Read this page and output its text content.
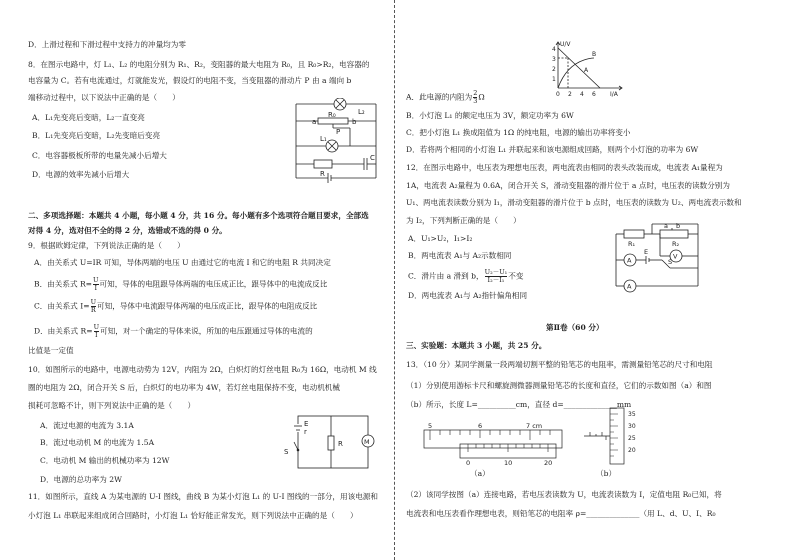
D．上滑过程和下滑过程中支持力的冲量均为零
8．在图示电路中，灯 L₁、L₂ 的电阻分别为 R₁、R₂，变阻器的最大电阻为 R₀，且 R₀>R₂，电容器的
电容量为 C。若有电流通过，灯就能发光，假设灯的电阻不变，当变阻器的滑动片 P 由 a 端向 b
端移动过程中，以下说法中正确的是（　　）
A．L₁先变亮后变暗，L₂一直变亮
B．L₁先变亮后变暗，L₂先变暗后变亮
C．电容器极板所带的电量先减小后增大
D．电源的效率先减小后增大
R₀
a	b
P
L₁
L₂
R
C
二、多项选择题：本题共 4 小题，每小题 4 分，共 16 分。每小题有多个选项符合题目要求，全部选
对得 4 分，选对但不全的得 2 分，选错或不选的得 0 分。
9．根据欧姆定律，下列说法正确的是（　　）
A．由关系式 U=IR 可知，导体两端的电压 U 由通过它的电流 I 和它的电阻 R 共同决定
B．由关系式 $R= \frac{U}{I}$ 可知，导体的电阻跟导体两端的电压成正比，跟导体中的电流成反比
C．由关系式 $I= \frac{U}{R}$ 可知，导体中电流跟导体两端的电压成正比，跟导体的电阻成反比
D．由关系式 $R= \frac{U}{I}$ 可知，对一个确定的导体来说，所加的电压跟通过导体的电流的
比值是一定值
10．如图所示的电路中，电源电动势为 12V，内阻为 2Ω，白炽灯的灯丝电阻 R₀为 16Ω，电动机 M 线
圈的电阻为 2Ω，闭合开关 S 后，白炽灯的电功率为 4W，若灯丝电阻保持不变，电动机机械
损耗可忽略不计，则下列说法中正确的是（　　）
A．流过电源的电流为 3.1A
B．流过电动机 M 的电流为 1.5A
C．电动机 M 输出的机械功率为 12W
D．电源的总功率为 2W
E
r
S
R	M
11．如图所示，直线 A 为某电源的 U-I 图线，曲线 B 为某小灯泡 L₁ 的 U-I 图线的一部分，用该电源和
小灯泡 L₁ 串联起来组成闭合回路时，小灯泡 L₁ 恰好能正常发光，则下列说法中正确的是（　　）
U/V
I/A
4
3
2
1
0 2 4 6
A
B
A．此电源的内阻为 $\frac{2}{3}$ Ω
B．小灯泡 L₁ 的额定电压为 3V，额定功率为 6W
C．把小灯泡 L₁ 换成阻值为 1Ω 的纯电阻，电源的输出功率将变小
D．若将两个相同的小灯泡 L₁ 并联起来和该电源组成回路，则两个小灯泡的功率为 6W
12．在图示电路中，电压表为理想电压表，两电流表由相同的表头改装而成，电流表 A₁量程为
1A，电流表 A₂量程为 0.6A，闭合开关 S，滑动变阻器的滑片位于 a 点时，电压表的读数分别为
U₁、两电流表读数分别为 I₁，滑动变阻器的滑片位于 b 点时，电压表的读数为 U₂、两电流表示数和
为 I₂，下列判断正确的是（　　）
A．U₁>U₂，I₁>I₂
B．两电流表 A₁与 A₂示数相同
C．滑片由 a 滑到 b， $\frac{\text{U₂－U₁}}{\text{I₂－I₁}}$ 不变
D．两电流表 A₁与 A₂指针偏角相同
R₁
a b
R₂
V
A
A
E
S
第Ⅱ卷（60 分）
三、实验题：本题共 3 小题，共 25 分。
13．（10 分）某同学测量一段两端切割平整的铅笔芯的电阻率，需测量铅笔芯的尺寸和电阻
（1）分别使用游标卡尺和螺旋测微器测量铅笔芯的长度和直径，它们的示数如图（a）和图
（b）所示，长度 L=__________cm，直径 d=______________mm
5	6	7 cm
0	10	20
（a）
35
30
25
20
（b）
（2）该同学按图（a）连接电路，若电压表读数为 U，电流表读数为 I，定值电阻 R₀已知，将
电流表和电压表看作理想电表，则铅笔芯的电阻率 ρ=______________（用 L、d、U、I、R₀
